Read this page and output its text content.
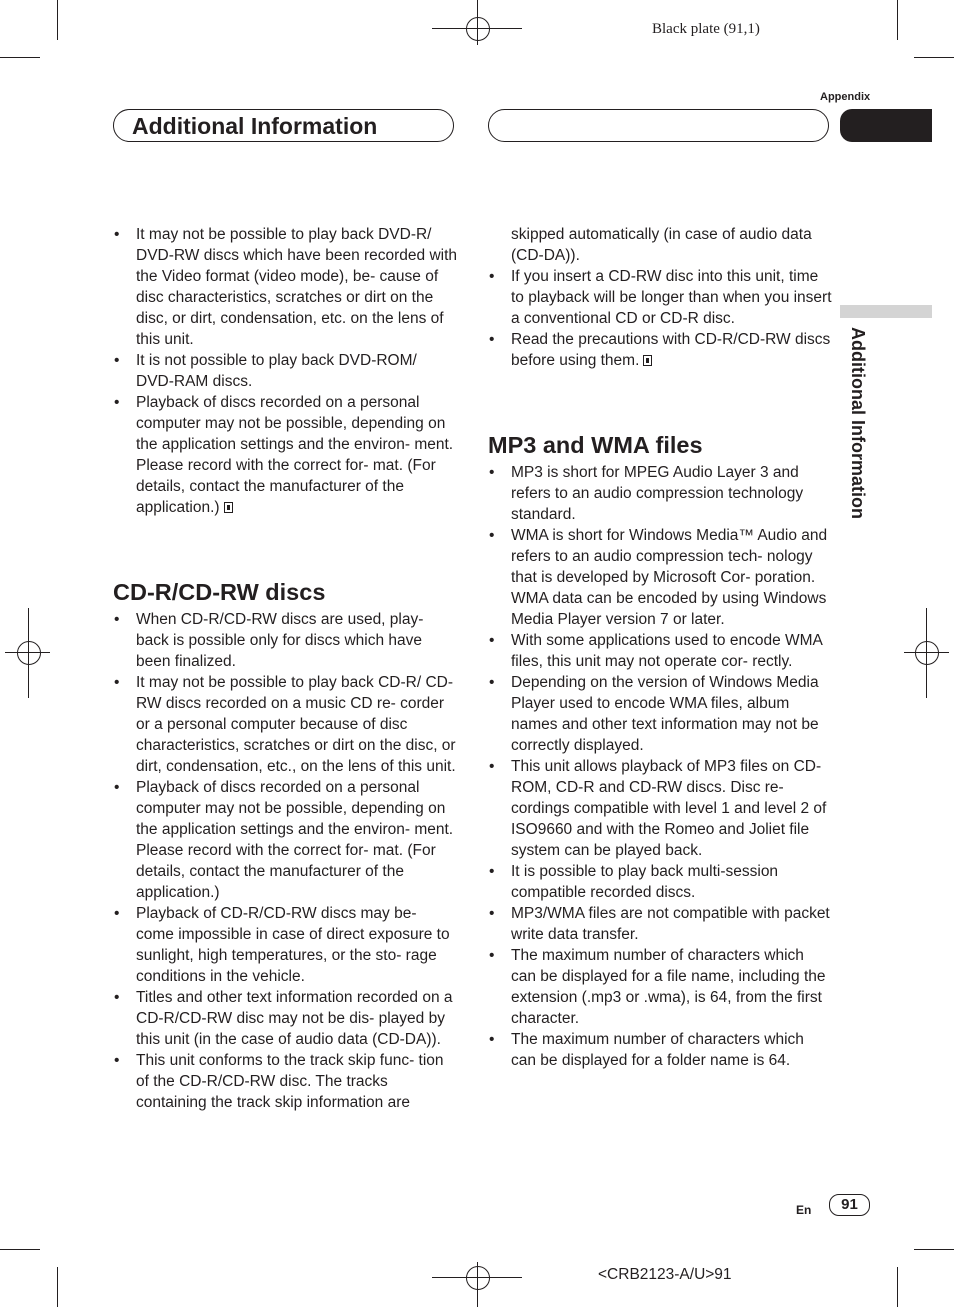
Black plate (91,1)
Appendix
Additional Information
Additional Information
• It may not be possible to play back DVD-R/ DVD-RW discs which have been recorded with the Video format (video mode), be- cause of disc characteristics, scratches or dirt on the disc, or dirt, condensation, etc. on the lens of this unit.
• It is not possible to play back DVD-ROM/ DVD-RAM discs.
• Playback of discs recorded on a personal computer may not be possible, depending on the application settings and the environ- ment. Please record with the correct for- mat. (For details, contact the manufacturer of the application.)
CD-R/CD-RW discs
• When CD-R/CD-RW discs are used, play- back is possible only for discs which have been finalized.
• It may not be possible to play back CD-R/ CD-RW discs recorded on a music CD re- corder or a personal computer because of disc characteristics, scratches or dirt on the disc, or dirt, condensation, etc., on the lens of this unit.
• Playback of discs recorded on a personal computer may not be possible, depending on the application settings and the environ- ment. Please record with the correct for- mat. (For details, contact the manufacturer of the application.)
• Playback of CD-R/CD-RW discs may be- come impossible in case of direct exposure to sunlight, high temperatures, or the sto- rage conditions in the vehicle.
• Titles and other text information recorded on a CD-R/CD-RW disc may not be dis- played by this unit (in the case of audio data (CD-DA)).
• This unit conforms to the track skip func- tion of the CD-R/CD-RW disc. The tracks containing the track skip information are
skipped automatically (in case of audio data (CD-DA)).
• If you insert a CD-RW disc into this unit, time to playback will be longer than when you insert a conventional CD or CD-R disc.
• Read the precautions with CD-R/CD-RW discs before using them.
MP3 and WMA files
• MP3 is short for MPEG Audio Layer 3 and refers to an audio compression technology standard.
• WMA is short for Windows Media™ Audio and refers to an audio compression tech- nology that is developed by Microsoft Cor- poration. WMA data can be encoded by using Windows Media Player version 7 or later.
• With some applications used to encode WMA files, this unit may not operate cor- rectly.
• Depending on the version of Windows Media Player used to encode WMA files, album names and other text information may not be correctly displayed.
• This unit allows playback of MP3 files on CD-ROM, CD-R and CD-RW discs. Disc re- cordings compatible with level 1 and level 2 of ISO9660 and with the Romeo and Joliet file system can be played back.
• It is possible to play back multi-session compatible recorded discs.
• MP3/WMA files are not compatible with packet write data transfer.
• The maximum number of characters which can be displayed for a file name, including the extension (.mp3 or .wma), is 64, from the first character.
• The maximum number of characters which can be displayed for a folder name is 64.
En	91
<CRB2123-A/U>91
